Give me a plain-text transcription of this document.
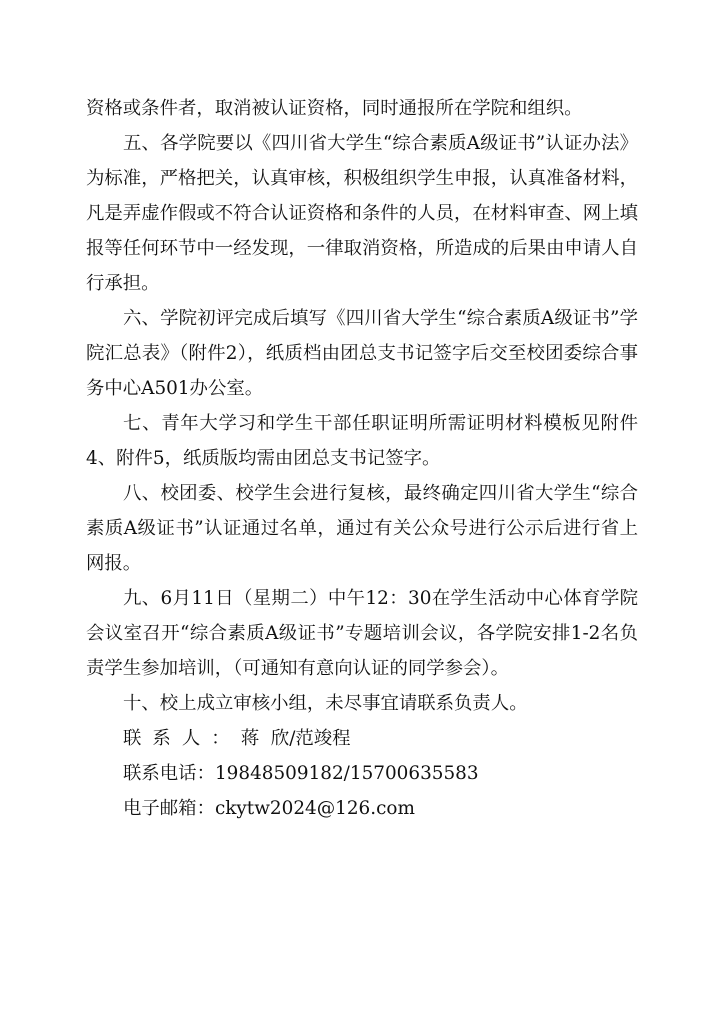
资格或条件者，取消被认证资格，同时通报所在学院和组织。

五、各学院要以《四川省大学生“综合素质A级证书”认证办法》为标准，严格把关，认真审核，积极组织学生申报，认真准备材料，凡是弄虚作假或不符合认证资格和条件的人员，在材料审查、网上填报等任何环节中一经发现，一律取消资格，所造成的后果由申请人自行承担。

六、学院初评完成后填写《四川省大学生“综合素质A级证书”学院汇总表》（附件2），纸质档由团总支书记签字后交至校团委综合事务中心A501办公室。

七、青年大学习和学生干部任职证明所需证明材料模板见附件4、附件5，纸质版均需由团总支书记签字。

八、校团委、校学生会进行复核，最终确定四川省大学生“综合素质A级证书”认证通过名单，通过有关公众号进行公示后进行省上网报。

九、6月11日（星期二）中午12：30在学生活动中心体育学院会议室召开“综合素质A级证书”专题培训会议，各学院安排1-2名负责学生参加培训，（可通知有意向认证的同学参会）。

十、校上成立审核小组，未尽事宜请联系负责人。

联系人：蒋  欣/范竣程

联系电话：19848509182/15700635583

电子邮箱：ckytw2024@126.com
